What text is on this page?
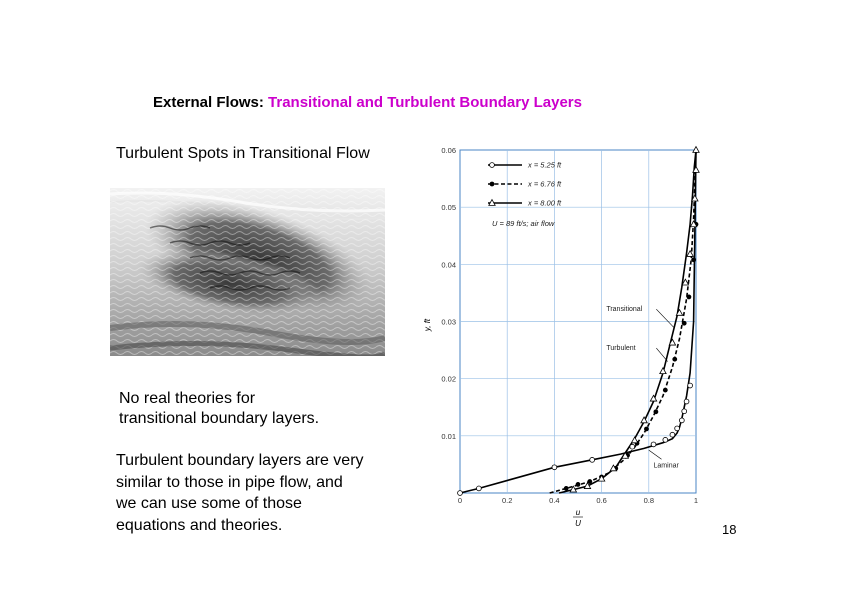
External Flows: Transitional and Turbulent Boundary Layers
Turbulent Spots in Transitional Flow
No real theories for
transitional boundary layers.
Turbulent boundary layers are very
similar to those in pipe flow, and
we can use some of those
equations and theories.	18
0	0.2	0.4	0.6	0.8	1
0.01
0.02
0.03
0.04
0.05
0.06
x = 5.25 ft
x = 6.76 ft
x = 8.00 ft
U = 89 ft/s; air flow
Transitional
Turbulent
Laminar
y, ft
u
U
